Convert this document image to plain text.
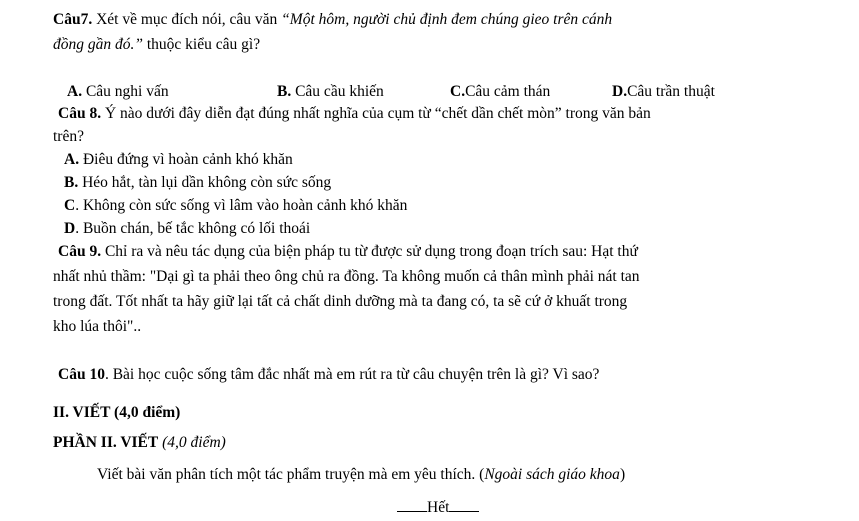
Câu7. Xét về mục đích nói, câu văn “Một hôm, người chủ định đem chúng gieo trên cánh
đồng gần đó.” thuộc kiểu câu gì?
A. Câu nghi vấn	B. Câu cầu khiến	C.Câu cảm thán	D.Câu trần thuật
Câu 8. Ý nào dưới đây diễn đạt đúng nhất nghĩa của cụm từ “chết dần chết mòn” trong văn bản
trên?
A. Điêu đứng vì hoàn cảnh khó khăn
B. Héo hắt, tàn lụi dần không còn sức sống
C. Không còn sức sống vì lâm vào hoàn cảnh khó khăn
D. Buồn chán, bế tắc không có lối thoái
Câu 9. Chỉ ra và nêu tác dụng của biện pháp tu từ được sử dụng trong đoạn trích sau: Hạt thứ
nhất nhủ thầm: "Dại gì ta phải theo ông chủ ra đồng. Ta không muốn cả thân mình phải nát tan
trong đất. Tốt nhất ta hãy giữ lại tất cả chất dinh dưỡng mà ta đang có, ta sẽ cứ ở khuất trong
kho lúa thôi"..
Câu 10. Bài học cuộc sống tâm đắc nhất mà em rút ra từ câu chuyện trên là gì? Vì sao?
II. VIẾT (4,0 điểm)
PHẦN II. VIẾT (4,0 điểm)
Viết bài văn phân tích một tác phẩm truyện mà em yêu thích. (Ngoài sách giáo khoa)
Hết
